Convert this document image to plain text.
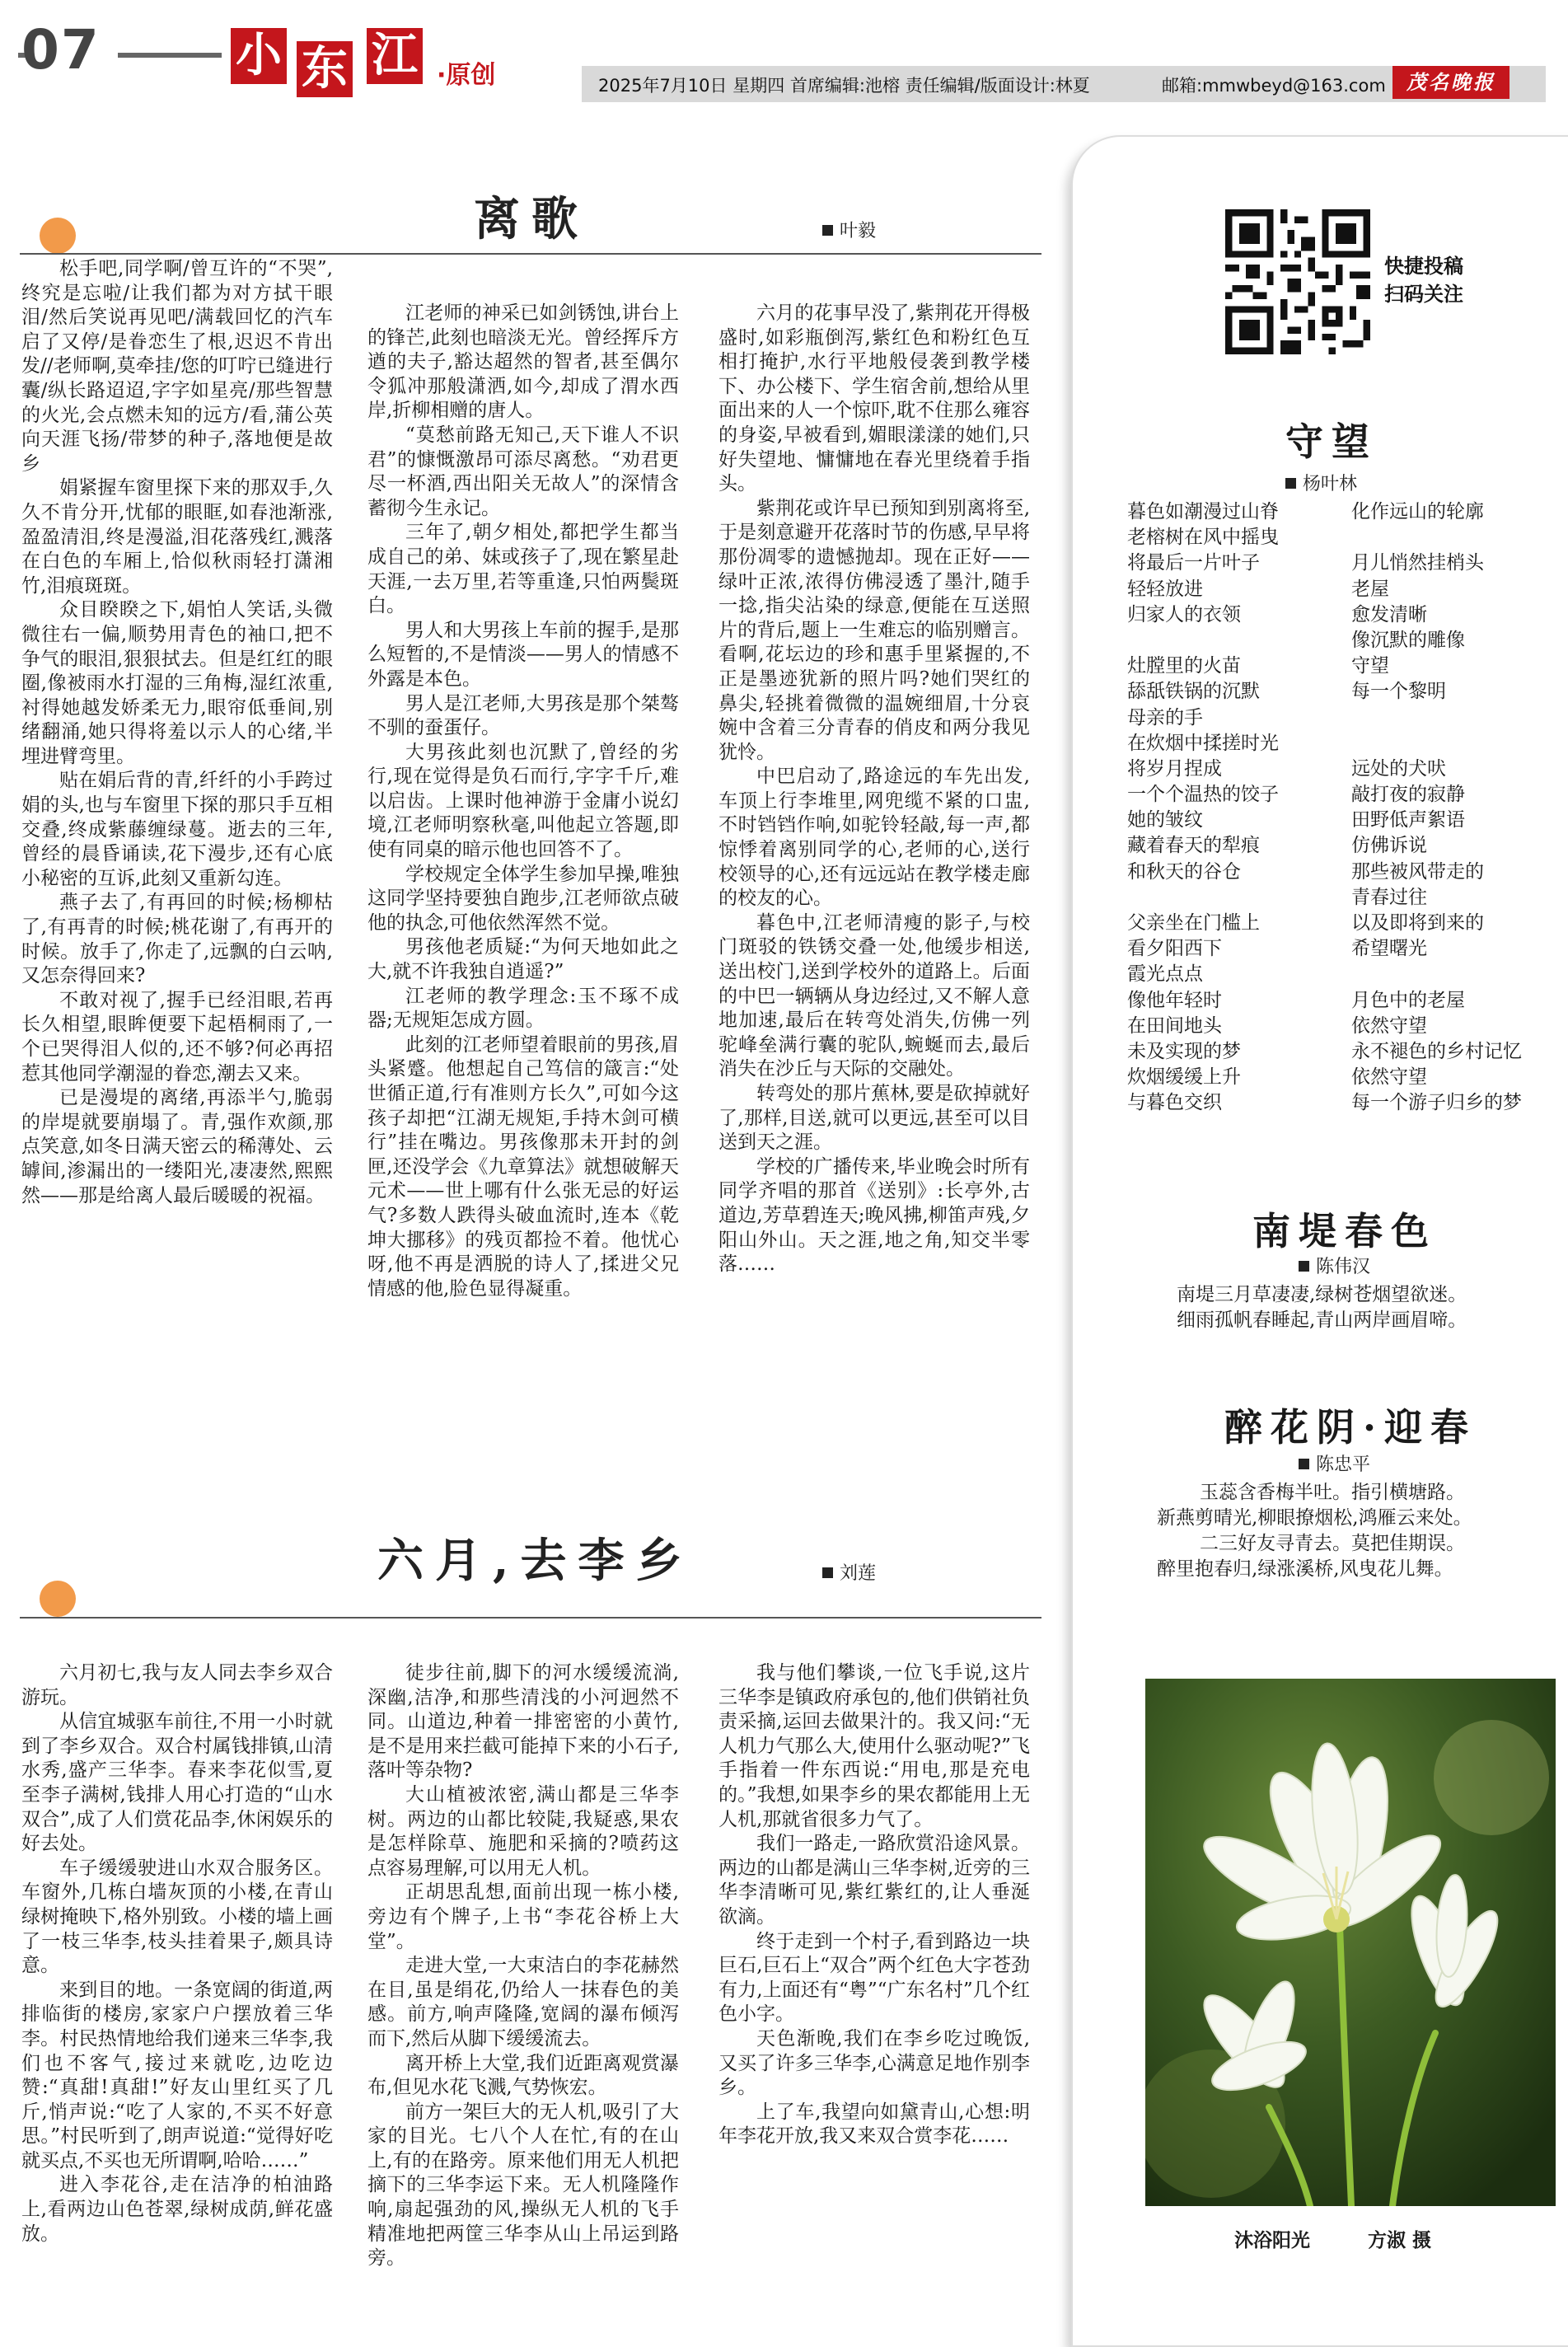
07	小 东 江 ·原创	2025年7月10日 星期四 首席编辑:池榕 责任编辑/版面设计:林夏	邮箱:mmwbeyd@163.com	茂名晚报
离歌	叶毅

松手吧,同学啊/曾互许的“不哭”,终究是忘啦/让我们都为对方拭干眼泪/然后笑说再见吧/满载回忆的汽车启了又停/是眷恋生了根,迟迟不肯出发//老师啊,莫牵挂/您的叮咛已缝进行囊/纵长路迢迢,字字如星亮/那些智慧的火光,会点燃未知的远方/看,蒲公英向天涯飞扬/带梦的种子,落地便是故乡

娟紧握车窗里探下来的那双手,久久不肯分开,忧郁的眼眶,如春池渐涨,盈盈清泪,终是漫溢,泪花落残红,溅落在白色的车厢上,恰似秋雨轻打潇湘竹,泪痕斑斑。

众目睽睽之下,娟怕人笑话,头微微往右一偏,顺势用青色的袖口,把不争气的眼泪,狠狠拭去。但是红红的眼圈,像被雨水打湿的三角梅,湿红浓重,衬得她越发娇柔无力,眼帘低垂间,别绪翻涌,她只得将羞以示人的心绪,半埋进臂弯里。

贴在娟后背的青,纤纤的小手跨过娟的头,也与车窗里下探的那只手互相交叠,终成紫藤缠绿蔓。逝去的三年,曾经的晨昏诵读,花下漫步,还有心底小秘密的互诉,此刻又重新勾连。

燕子去了,有再回的时候;杨柳枯了,有再青的时候;桃花谢了,有再开的时候。放手了,你走了,远飘的白云呐,又怎奈得回来?

不敢对视了,握手已经泪眼,若再长久相望,眼眸便要下起梧桐雨了,一个已哭得泪人似的,还不够?何必再招惹其他同学潮湿的眷恋,潮去又来。

已是漫堤的离绪,再添半勺,脆弱的岸堤就要崩塌了。青,强作欢颜,那点笑意,如冬日满天密云的稀薄处、云罅间,渗漏出的一缕阳光,凄凄然,熙熙然——那是给离人最后暖暖的祝福。

江老师的神采已如剑锈蚀,讲台上的锋芒,此刻也暗淡无光。曾经挥斥方遒的夫子,豁达超然的智者,甚至偶尔令狐冲那般潇洒,如今,却成了渭水西岸,折柳相赠的唐人。

“莫愁前路无知己,天下谁人不识君”的慷慨激昂可添尽离愁。“劝君更尽一杯酒,西出阳关无故人”的深情含蓄彻今生永记。

三年了,朝夕相处,都把学生都当成自己的弟、妹或孩子了,现在繁星赴天涯,一去万里,若等重逢,只怕两鬓斑白。

男人和大男孩上车前的握手,是那么短暂的,不是情淡——男人的情感不外露是本色。

男人是江老师,大男孩是那个桀骜不驯的蚕蛋仔。

大男孩此刻也沉默了,曾经的劣行,现在觉得是负石而行,字字千斤,难以启齿。上课时他神游于金庸小说幻境,江老师明察秋毫,叫他起立答题,即使有同桌的暗示他也回答不了。

学校规定全体学生参加早操,唯独这同学坚持要独自跑步,江老师欲点破他的执念,可他依然浑然不觉。

男孩他老质疑:“为何天地如此之大,就不许我独自逍遥?”

江老师的教学理念:玉不琢不成器;无规矩怎成方圆。

此刻的江老师望着眼前的男孩,眉头紧蹙。他想起自己笃信的箴言:“处世循正道,行有准则方长久”,可如今这孩子却把“江湖无规矩,手持木剑可横行”挂在嘴边。男孩像那未开封的剑匣,还没学会《九章算法》就想破解天元术——世上哪有什么张无忌的好运气?多数人跌得头破血流时,连本《乾坤大挪移》的残页都捡不着。他忧心呀,他不再是洒脱的诗人了,揉进父兄情感的他,脸色显得凝重。

六月的花事早没了,紫荆花开得极盛时,如彩瓶倒泻,紫红色和粉红色互相打掩护,水行平地般侵袭到教学楼下、办公楼下、学生宿舍前,想给从里面出来的人一个惊吓,耽不住那么雍容的身姿,早被看到,媚眼漾漾的她们,只好失望地、慵慵地在春光里绕着手指头。

紫荆花或许早已预知到别离将至,于是刻意避开花落时节的伤感,早早将那份凋零的遗憾抛却。现在正好——绿叶正浓,浓得仿佛浸透了墨汁,随手一捻,指尖沾染的绿意,便能在互送照片的背后,题上一生难忘的临别赠言。看啊,花坛边的珍和惠手里紧握的,不正是墨迹犹新的照片吗?她们哭红的鼻尖,轻挑着微微的温婉细眉,十分哀婉中含着三分青春的俏皮和两分我见犹怜。

中巴启动了,路途远的车先出发,车顶上行李堆里,网兜缆不紧的口盅,不时铛铛作响,如驼铃轻敲,每一声,都惊悸着离别同学的心,老师的心,送行校领导的心,还有远远站在教学楼走廊的校友的心。

暮色中,江老师清瘦的影子,与校门斑驳的铁锈交叠一处,他缓步相送,送出校门,送到学校外的道路上。后面的中巴一辆辆从身边经过,又不解人意地加速,最后在转弯处消失,仿佛一列驼峰垒满行囊的驼队,蜿蜒而去,最后消失在沙丘与天际的交融处。

转弯处的那片蕉林,要是砍掉就好了,那样,目送,就可以更远,甚至可以目送到天之涯。

学校的广播传来,毕业晚会时所有同学齐唱的那首《送别》:长亭外,古道边,芳草碧连天;晚风拂,柳笛声残,夕阳山外山。天之涯,地之角,知交半零落……

六月,去李乡	刘莲

六月初七,我与友人同去李乡双合游玩。

从信宜城驱车前往,不用一小时就到了李乡双合。双合村属钱排镇,山清水秀,盛产三华李。春来李花似雪,夏至李子满树,钱排人用心打造的“山水双合”,成了人们赏花品李,休闲娱乐的好去处。

车子缓缓驶进山水双合服务区。车窗外,几栋白墙灰顶的小楼,在青山绿树掩映下,格外别致。小楼的墙上画了一枝三华李,枝头挂着果子,颇具诗意。

来到目的地。一条宽阔的街道,两排临街的楼房,家家户户摆放着三华李。村民热情地给我们递来三华李,我们也不客气,接过来就吃,边吃边赞:“真甜!真甜!”好友山里红买了几斤,悄声说:“吃了人家的,不买不好意思。”村民听到了,朗声说道:“觉得好吃就买点,不买也无所谓啊,哈哈……”

进入李花谷,走在洁净的柏油路上,看两边山色苍翠,绿树成荫,鲜花盛放。

徒步往前,脚下的河水缓缓流淌,深幽,洁净,和那些清浅的小河迥然不同。山道边,种着一排密密的小黄竹,是不是用来拦截可能掉下来的小石子,落叶等杂物?

大山植被浓密,满山都是三华李树。两边的山都比较陡,我疑惑,果农是怎样除草、施肥和采摘的?喷药这点容易理解,可以用无人机。

正胡思乱想,面前出现一栋小楼,旁边有个牌子,上书“李花谷桥上大堂”。

走进大堂,一大束洁白的李花赫然在目,虽是绢花,仍给人一抹春色的美感。前方,响声隆隆,宽阔的瀑布倾泻而下,然后从脚下缓缓流去。

离开桥上大堂,我们近距离观赏瀑布,但见水花飞溅,气势恢宏。

前方一架巨大的无人机,吸引了大家的目光。七八个人在忙,有的在山上,有的在路旁。原来他们用无人机把摘下的三华李运下来。无人机隆隆作响,扇起强劲的风,操纵无人机的飞手精准地把两筐三华李从山上吊运到路旁。

我与他们攀谈,一位飞手说,这片三华李是镇政府承包的,他们供销社负责采摘,运回去做果汁的。我又问:“无人机力气那么大,使用什么驱动呢?”飞手指着一件东西说:“用电,那是充电的。”我想,如果李乡的果农都能用上无人机,那就省很多力气了。

我们一路走,一路欣赏沿途风景。两边的山都是满山三华李树,近旁的三华李清晰可见,紫红紫红的,让人垂涎欲滴。

终于走到一个村子,看到路边一块巨石,巨石上“双合”两个红色大字苍劲有力,上面还有“粤”“广东名村”几个红色小字。

天色渐晚,我们在李乡吃过晚饭,又买了许多三华李,心满意足地作别李乡。

上了车,我望向如黛青山,心想:明年李花开放,我又来双合赏李花……

快捷投稿
扫码关注
守望
杨叶林
暮色如潮漫过山脊
老榕树在风中摇曳
将最后一片叶子
轻轻放进
归家人的衣领
灶膛里的火苗
舔舐铁锅的沉默
母亲的手
在炊烟中揉搓时光
将岁月捏成
一个个温热的饺子
她的皱纹
藏着春天的犁痕
和秋天的谷仓
父亲坐在门槛上
看夕阳西下
霞光点点
像他年轻时
在田间地头
未及实现的梦
炊烟缓缓上升
与暮色交织
化作远山的轮廓
月儿悄然挂梢头
老屋
愈发清晰
像沉默的雕像
守望
每一个黎明
远处的犬吠
敲打夜的寂静
田野低声絮语
仿佛诉说
那些被风带走的
青春过往
以及即将到来的
希望曙光
月色中的老屋
依然守望
永不褪色的乡村记忆
依然守望
每一个游子归乡的梦
南堤春色
陈伟汉
南堤三月草凄凄,绿树苍烟望欲迷。
细雨孤帆春睡起,青山两岸画眉啼。
醉花阴·迎春
陈忠平
玉蕊含香梅半吐。指引横塘路。
新燕剪晴光,柳眼撩烟松,鸿雁云来处。
二三好友寻青去。莫把佳期误。
醉里抱春归,绿涨溪桥,风曳花儿舞。
沐浴阳光	方淑 摄
